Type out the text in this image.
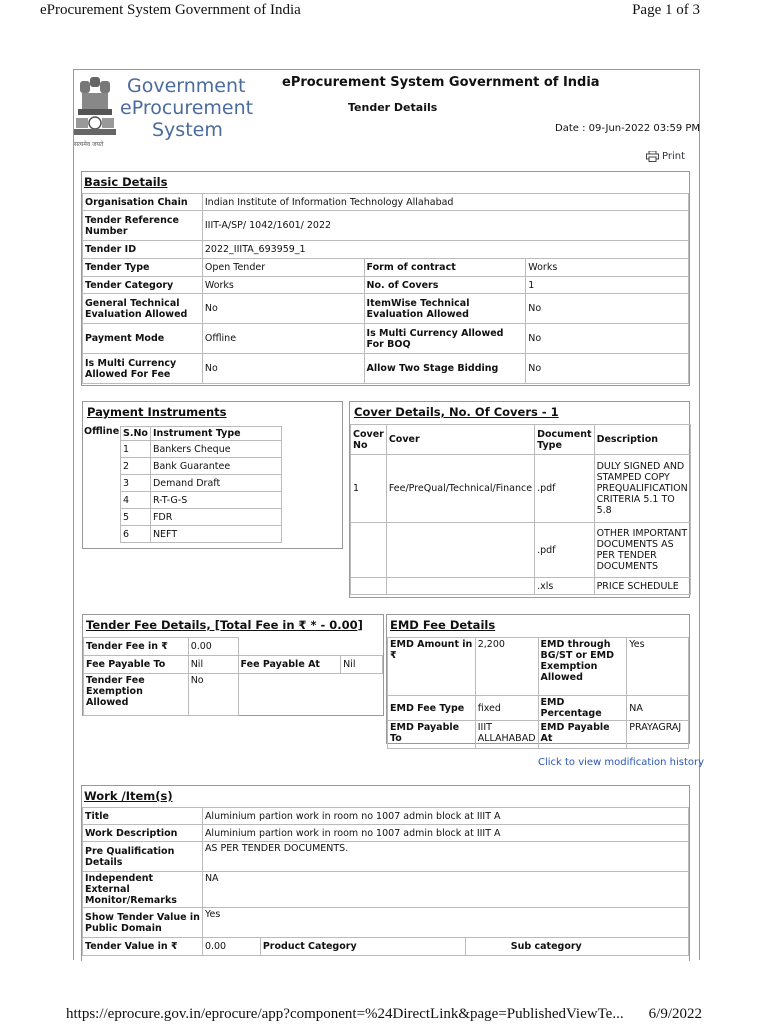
eProcurement System Government of India	Page 1 of 3
सत्यमेव जयते
Government
eProcurement
System
eProcurement System Government of India
Tender Details
Date : 09-Jun-2022 03:59 PM
Print
Basic Details
Organisation Chain	Indian Institute of Information Technology Allahabad		
Tender Reference Number	IIIT-A/SP/ 1042/1601/ 2022		
Tender ID	2022_IIITA_693959_1		
Tender Type	Open Tender	Form of contract	Works
Tender Category	Works	No. of Covers	1
General Technical Evaluation Allowed	No	ItemWise Technical Evaluation Allowed	No
Payment Mode	Offline	Is Multi Currency Allowed For BOQ	No
Is Multi Currency Allowed For Fee	No	Allow Two Stage Bidding	No
Payment Instruments
Offline S.No	Instrument Type
1	Bankers Cheque
2	Bank Guarantee
3	Demand Draft
4	R-T-G-S
5	FDR
6	NEFT
Cover Details, No. Of Covers - 1
Cover No	Cover	Document Type	Description
1	Fee/PreQual/Technical/Finance	.pdf	DULY SIGNED AND STAMPED COPY PREQUALIFICATION CRITERIA 5.1 TO 5.8
		.pdf	OTHER IMPORTANT DOCUMENTS AS PER TENDER DOCUMENTS
		.xls	PRICE SCHEDULE
Tender Fee Details, [Total Fee in ₹ * - 0.00]
Tender Fee in ₹	0.00		
Fee Payable To	Nil	Fee Payable At	Nil
Tender Fee Exemption Allowed	No		
EMD Fee Details
EMD Amount in ₹	2,200	EMD through BG/ST or EMD Exemption Allowed	Yes
EMD Fee Type	fixed	EMD Percentage	NA
EMD Payable To	IIIT ALLAHABAD	EMD Payable At	PRAYAGRAJ
Click to view modification history
Work /Item(s)
Title	Aluminium partion work in room no 1007 admin block at IIIT A			
Work Description	Aluminium partion work in room no 1007 admin block at IIIT A			
Pre Qualification Details	AS PER TENDER DOCUMENTS.			
Independent External Monitor/Remarks	NA			
Show Tender Value in Public Domain	Yes			
Tender Value in ₹	0.00	Product Category	Sub category	
https://eprocure.gov.in/eprocure/app?component=%24DirectLink&page=PublishedViewTe... 6/9/2022
